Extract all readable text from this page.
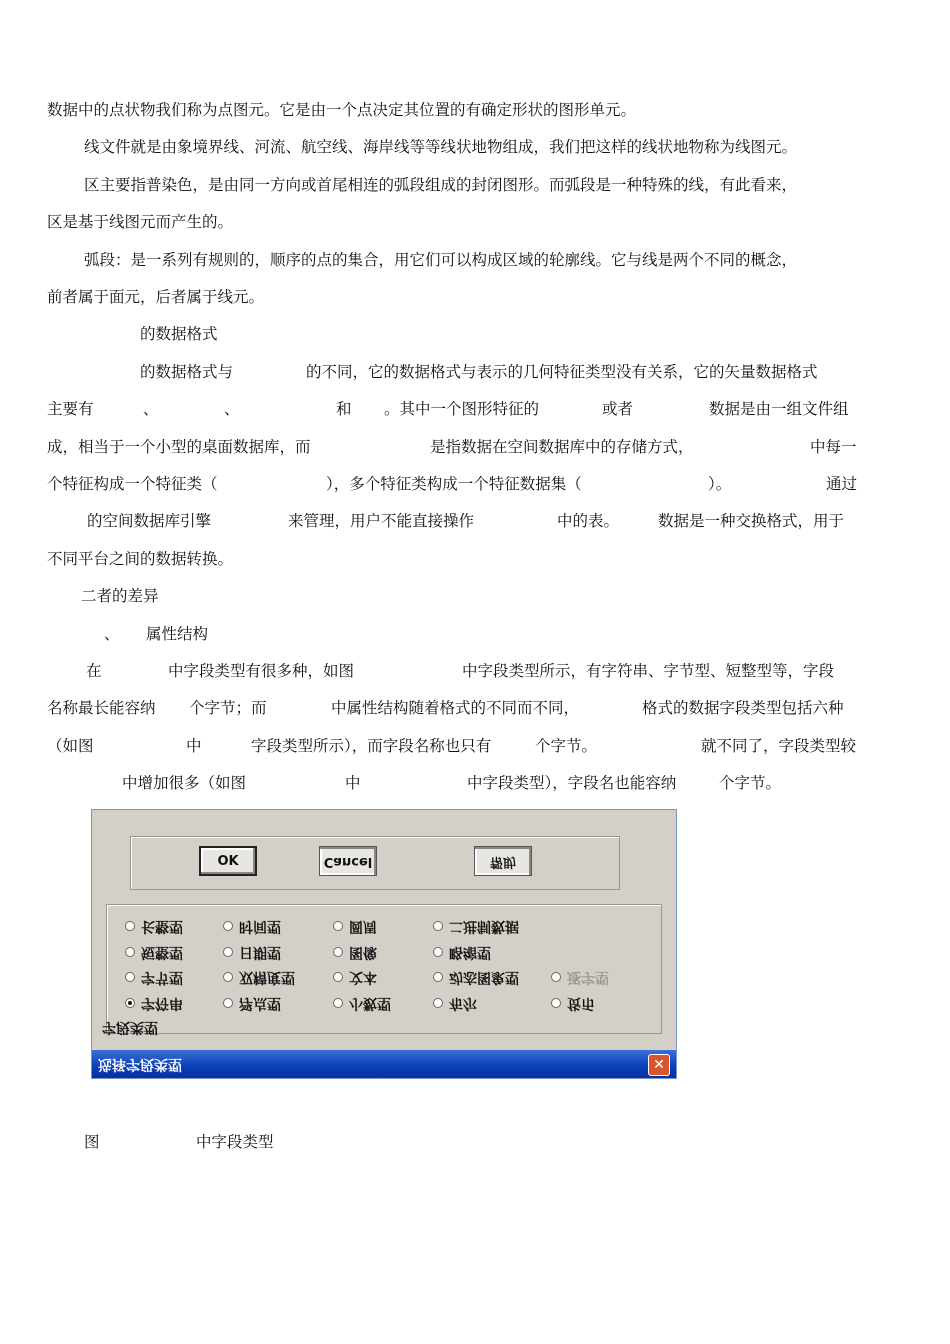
数据中的点状物我们称为点图元。它是由一个点决定其位置的有确定形状的图形单元。
线文件就是由象境界线、河流、航空线、海岸线等等线状地物组成，我们把这样的线状地物称为线图元。
区主要指普染色，是由同一方向或首尾相连的弧段组成的封闭图形。而弧段是一种特殊的线，有此看来，
区是基于线图元而产生的。
弧段：是一系列有规则的，顺序的点的集合，用它们可以构成区域的轮廓线。它与线是两个不同的概念，
前者属于面元，后者属于线元。
的数据格式
的数据格式与	的不同，它的数据格式与表示的几何特征类型没有关系，它的矢量数据格式
主要有	、	、	和 。其中一个图形特征的	或者	数据是由一组文件组
成，相当于一个小型的桌面数据库，而	是指数据在空间数据库中的存储方式，	中每一
个特征构成一个特征类（	），多个特征类构成一个特征数据集（	）。	通过
的空间数据库引擎	来管理，用户不能直接操作	中的表。	数据是一种交换格式，用于
不同平台之间的数据转换。
二者的差异
、 属性结构
在	中字段类型有很多种，如图	中字段类型所示，有字符串、字节型、短整型等，字段
名称最长能容纳 个字节；而	中属性结构随着格式的不同而不同，	格式的数据字段类型包括六种
（如图	中	字段类型所示），而字段名称也只有	个字节。	就不同了，字段类型较
中增加很多（如图	中	中字段类型），字段名也能容纳	个字节。
OK	Cancel	帮助
长整型	时间型	圆周	二进制数据
短整型	日期型	图像	略缩型
字节型	双精度型	文本	动态图象型	逐字型
字符串	浮点型	小数型	布尔	货币
字段类型
选择字段类型	✕
图	中字段类型
